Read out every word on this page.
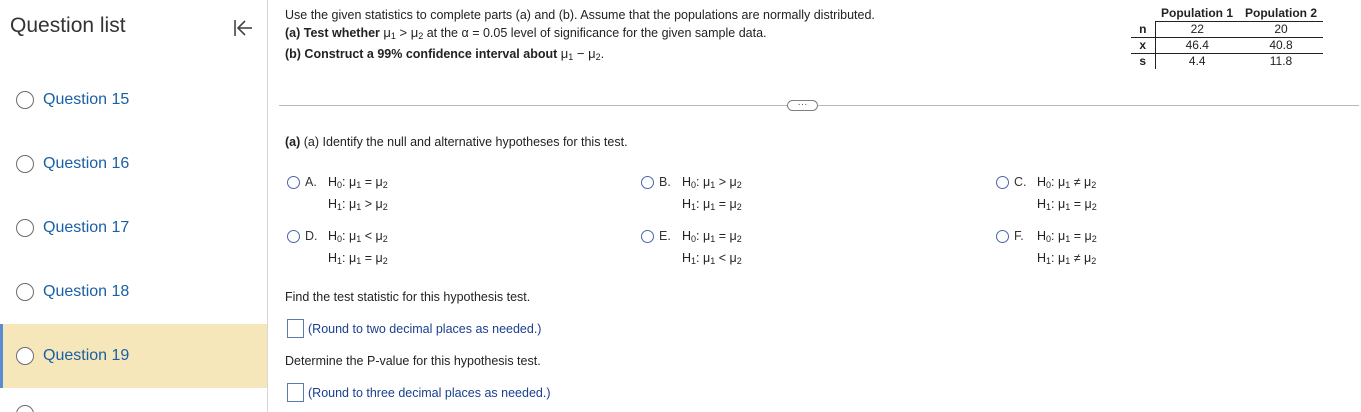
Question list
Question 15
Question 16
Question 17
Question 18
Question 19
Use the given statistics to complete parts (a) and (b). Assume that the populations are normally distributed.
(a) Test whether $\mu_1 > \mu_2$ at the α = 0.05 level of significance for the given sample data.
(b) Construct a 99% confidence interval about $\mu_1 - \mu_2$.
	Population 1	Population 2
n	22	20
$\overline{x}$	46.4	40.8
s	4.4	11.8
···
(a) (a) Identify the null and alternative hypotheses for this test.
A. $H_0$: $\mu_1 = \mu_2$
$H_1$: $\mu_1 > \mu_2$
B. $H_0$: $\mu_1 > \mu_2$
$H_1$: $\mu_1 = \mu_2$
C. $H_0$: $\mu_1 \ne \mu_2$
$H_1$: $\mu_1 = \mu_2$
D. $H_0$: $\mu_1 < \mu_2$
$H_1$: $\mu_1 = \mu_2$
E. $H_0$: $\mu_1 = \mu_2$
$H_1$: $\mu_1 < \mu_2$
F. $H_0$: $\mu_1 = \mu_2$
$H_1$: $\mu_1 \ne \mu_2$
Find the test statistic for this hypothesis test.
(Round to two decimal places as needed.)
Determine the P-value for this hypothesis test.
(Round to three decimal places as needed.)
